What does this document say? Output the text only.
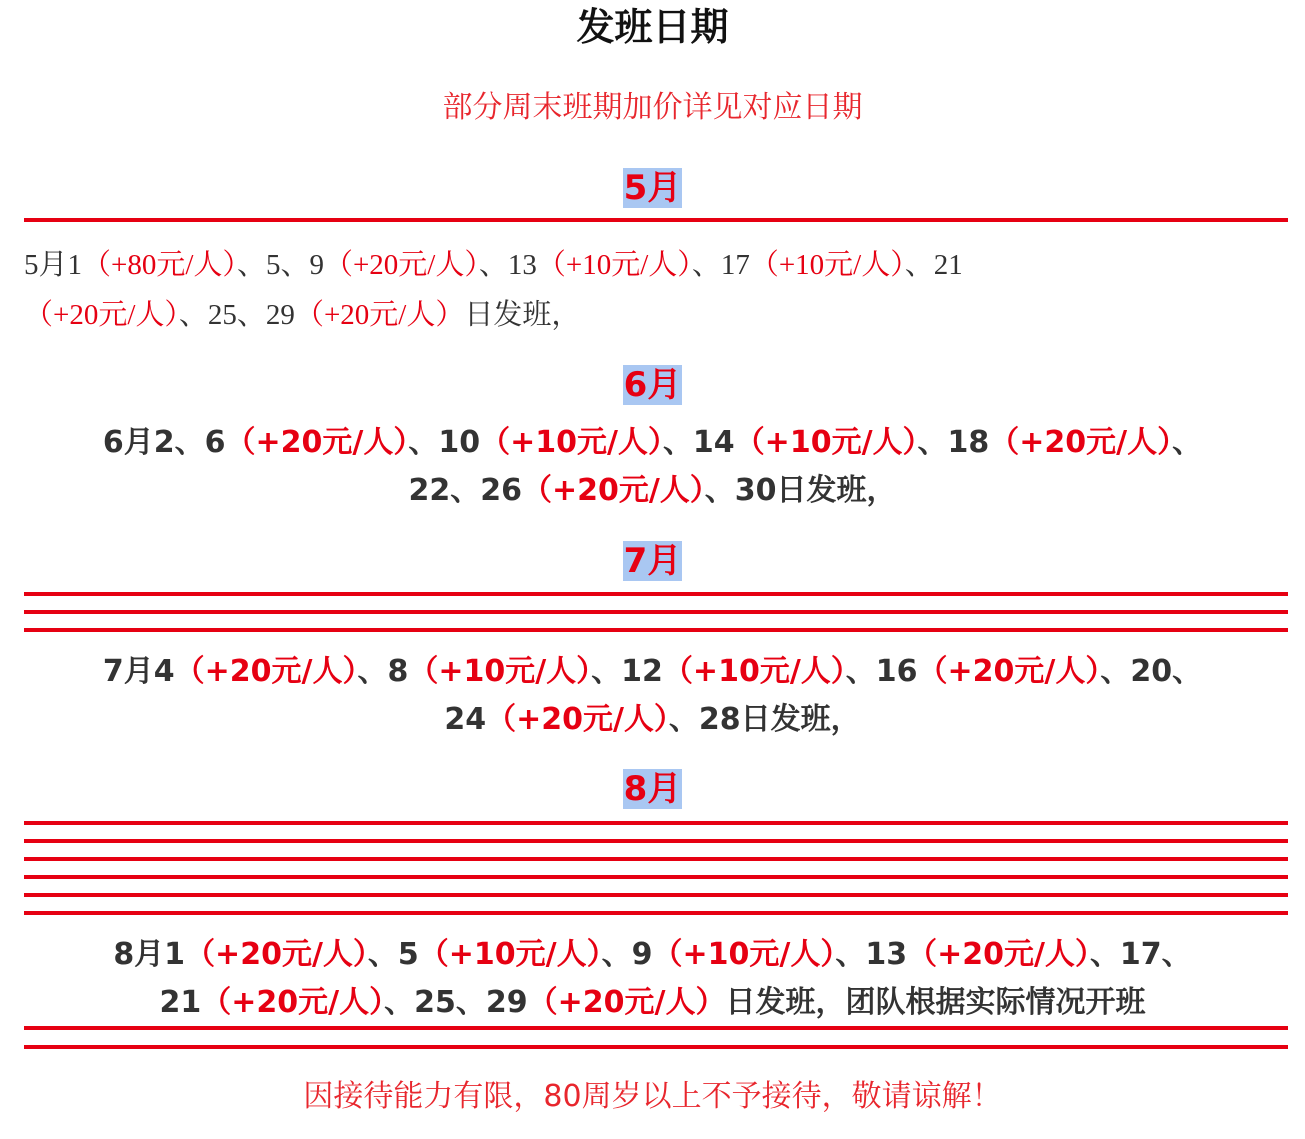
发班日期
部分周末班期加价详见对应日期
5月
5月1（+80元/人）、5、9（+20元/人）、13（+10元/人）、17（+10元/人）、21
（+20元/人）、25、29（+20元/人）日发班，
6月
6月2、6（+20元/人）、10（+10元/人）、14（+10元/人）、18（+20元/人）、
22、26（+20元/人）、30日发班，
7月
7月4（+20元/人）、8（+10元/人）、12（+10元/人）、16（+20元/人）、20、
24（+20元/人）、28日发班，
8月
8月1（+20元/人）、5（+10元/人）、9（+10元/人）、13（+20元/人）、17、
21（+20元/人）、25、29（+20元/人）日发班，团队根据实际情况开班
因接待能力有限，80周岁以上不予接待，敬请谅解！
